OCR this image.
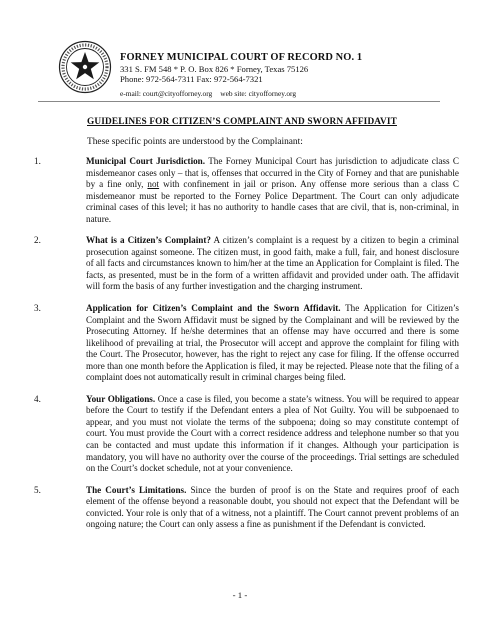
FORNEY MUNICIPAL COURT OF RECORD NO. 1
331 S. FM 548 * P. O. Box 826 * Forney, Texas 75126
Phone: 972-564-7311 Fax: 972-564-7321
e-mail: court@cityofforney.org web site: cityofforney.org
GUIDELINES FOR CITIZEN’S COMPLAINT AND SWORN AFFIDAVIT
These specific points are understood by the Complainant:
1.	Municipal Court Jurisdiction. The Forney Municipal Court has jurisdiction to adjudicate class C misdemeanor cases only – that is, offenses that occurred in the City of Forney and that are punishable by a fine only, not with confinement in jail or prison. Any offense more serious than a class C misdemeanor must be reported to the Forney Police Department. The Court can only adjudicate criminal cases of this level; it has no authority to handle cases that are civil, that is, non-criminal, in nature.
2.	What is a Citizen’s Complaint? A citizen’s complaint is a request by a citizen to begin a criminal prosecution against someone. The citizen must, in good faith, make a full, fair, and honest disclosure of all facts and circumstances known to him/her at the time an Application for Complaint is filed. The facts, as presented, must be in the form of a written affidavit and provided under oath. The affidavit will form the basis of any further investigation and the charging instrument.
3.	Application for Citizen’s Complaint and the Sworn Affidavit. The Application for Citizen’s Complaint and the Sworn Affidavit must be signed by the Complainant and will be reviewed by the Prosecuting Attorney. If he/she determines that an offense may have occurred and there is some likelihood of prevailing at trial, the Prosecutor will accept and approve the complaint for filing with the Court. The Prosecutor, however, has the right to reject any case for filing. If the offense occurred more than one month before the Application is filed, it may be rejected. Please note that the filing of a complaint does not automatically result in criminal charges being filed.
4.	Your Obligations. Once a case is filed, you become a state’s witness. You will be required to appear before the Court to testify if the Defendant enters a plea of Not Guilty. You will be subpoenaed to appear, and you must not violate the terms of the subpoena; doing so may constitute contempt of court. You must provide the Court with a correct residence address and telephone number so that you can be contacted and must update this information if it changes. Although your participation is mandatory, you will have no authority over the course of the proceedings. Trial settings are scheduled on the Court’s docket schedule, not at your convenience.
5.	The Court’s Limitations. Since the burden of proof is on the State and requires proof of each element of the offense beyond a reasonable doubt, you should not expect that the Defendant will be convicted. Your role is only that of a witness, not a plaintiff. The Court cannot prevent problems of an ongoing nature; the Court can only assess a fine as punishment if the Defendant is convicted.
- 1 -
